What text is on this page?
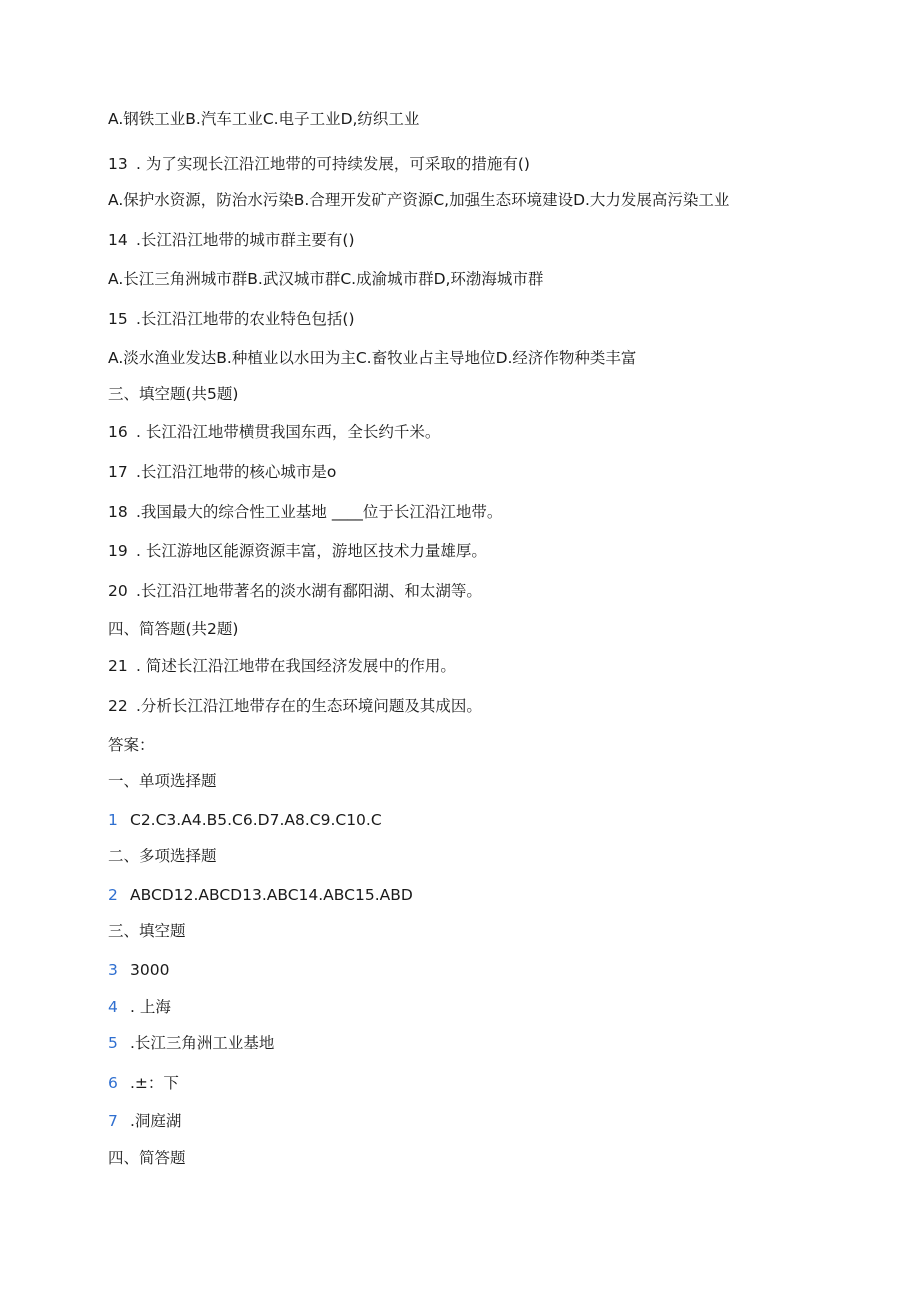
A.钢铁工业B.汽车工业C.电子工业D,纺织工业
13 . 为了实现长江沿江地带的可持续发展，可采取的措施有()
A.保护水资源，防治水污染B.合理开发矿产资源C,加强生态环境建设D.大力发展高污染工业
14 .长江沿江地带的城市群主要有()
A.长江三角洲城市群B.武汉城市群C.成渝城市群D,环渤海城市群
15 .长江沿江地带的农业特色包括()
A.淡水渔业发达B.种植业以水田为主C.畜牧业占主导地位D.经济作物种类丰富
三、填空题(共5题)
16 . 长江沿江地带横贯我国东西，全长约千米。
17 .长江沿江地带的核心城市是o
18 .我国最大的综合性工业基地 ____位于长江沿江地带。
19 . 长江游地区能源资源丰富，游地区技术力量雄厚。
20 .长江沿江地带著名的淡水湖有鄱阳湖、和太湖等。
四、简答题(共2题)
21 . 简述长江沿江地带在我国经济发展中的作用。
22 .分析长江沿江地带存在的生态环境问题及其成因。
答案：
一、单项选择题
1 C2.C3.A4.B5.C6.D7.A8.C9.C10.C
二、多项选择题
2 ABCD12.ABCD13.ABC14.ABC15.ABD
三、填空题
3 3000
4 . 上海
5 .长江三角洲工业基地
6 .±：下
7 .洞庭湖
四、简答题
